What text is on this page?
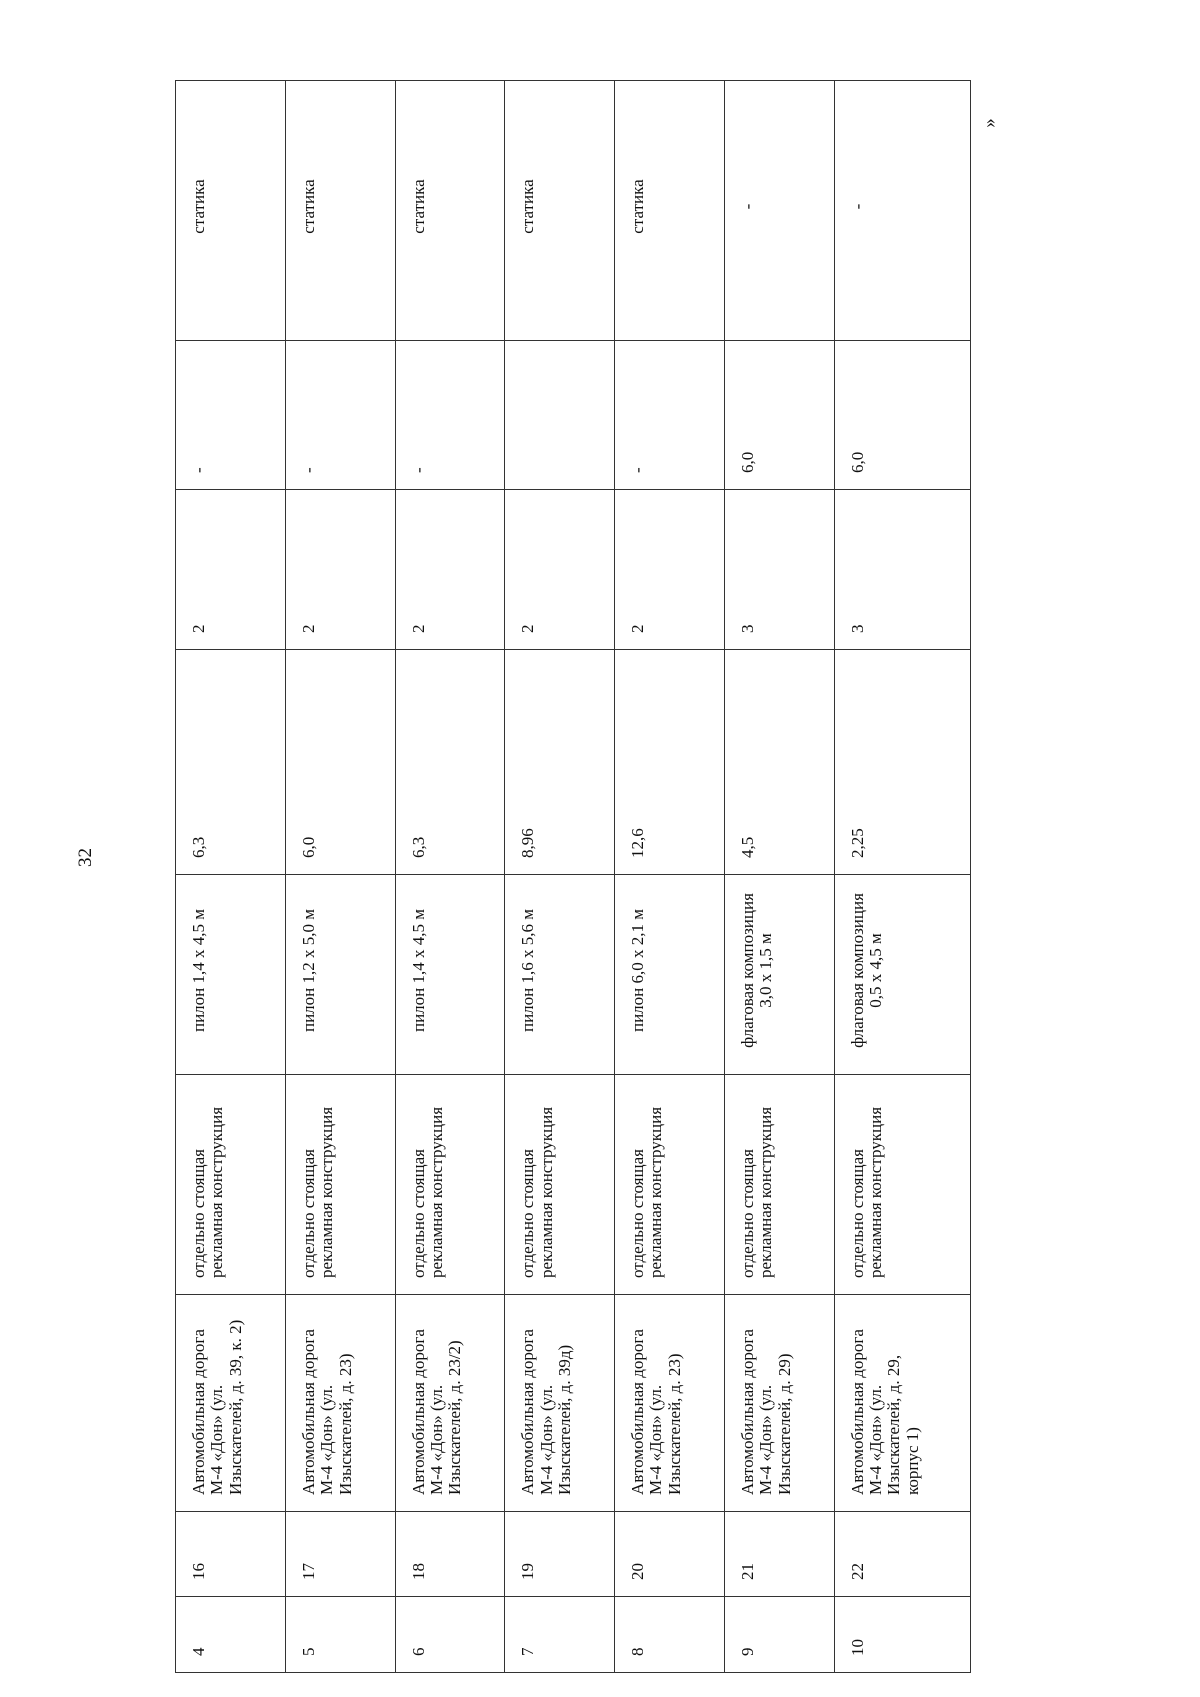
32
4	16	Автомобильная дорога М-4 «Дон» (ул. Изыскателей, д. 39, к. 2)	отдельно стоящая рекламная конструкция	пилон 1,4 х 4,5 м	6,3	2	-	статика
5	17	Автомобильная дорога М-4 «Дон» (ул. Изыскателей, д. 23)	отдельно стоящая рекламная конструкция	пилон 1,2 х 5,0 м	6,0	2	-	статика
6	18	Автомобильная дорога М-4 «Дон» (ул. Изыскателей, д. 23/2)	отдельно стоящая рекламная конструкция	пилон 1,4 х 4,5 м	6,3	2	-	статика
7	19	Автомобильная дорога М-4 «Дон» (ул. Изыскателей, д. 39д)	отдельно стоящая рекламная конструкция	пилон 1,6 х 5,6 м	8,96	2		статика
8	20	Автомобильная дорога М-4 «Дон» (ул. Изыскателей, д. 23)	отдельно стоящая рекламная конструкция	пилон 6,0 х 2,1 м	12,6	2	-	статика
9	21	Автомобильная дорога М-4 «Дон» (ул. Изыскателей, д. 29)	отдельно стоящая рекламная конструкция	флаговая композиция 3,0 х 1,5 м	4,5	3	6,0	-
10	22	Автомобильная дорога М-4 «Дон» (ул. Изыскателей, д. 29, корпус 1)	отдельно стоящая рекламная конструкция	флаговая композиция 0,5 х 4,5 м	2,25	3	6,0	-
»
